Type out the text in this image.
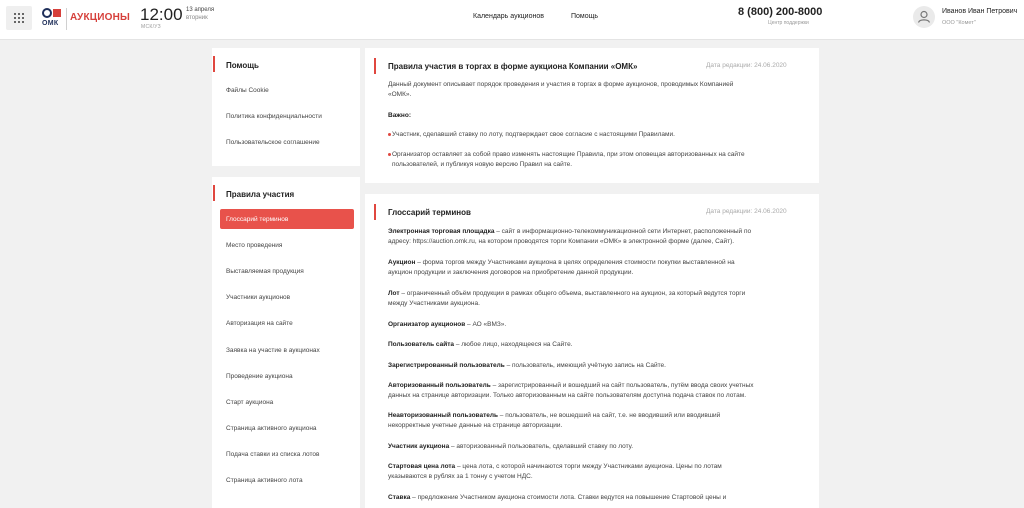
ОМК
АУКЦИОНЫ 12:00
МСК/УЗ
13 апреля
вторник	Календарь аукционов	Помощь	8 (800) 200-8000
Центр поддержки
Иванов Иван Петрович
ООО "Комет"
Помощь
Файлы Cookie
Политика конфиденциальности
Пользовательское соглашение
Правила участия
Глоссарий терминов
Место проведения
Выставляемая продукция
Участники аукционов
Авторизация на сайте
Заявка на участие в аукционах
Проведение аукциона
Старт аукциона
Страница активного аукциона
Подача ставки из списка лотов
Страница активного лота
Правила участия в торгах в форме аукциона Компании «ОМК»	Дата редакции: 24.06.2020
Данный документ описывает порядок проведения и участия в торгах в форме аукционов, проводимых Компанией
«ОМК».
Важно:
Участник, сделавший ставку по лоту, подтверждает свое согласие с настоящими Правилами.
Организатор оставляет за собой право изменять настоящие Правила, при этом оповещая авторизованных на сайте
пользователей, и публикуя новую версию Правил на сайте.
Глоссарий терминов	Дата редакции: 24.06.2020
Электронная торговая площадка – сайт в информационно-телекоммуникационной сети Интернет, расположенный по
адресу: https://auction.omk.ru, на котором проводятся торги Компании «ОМК» в электронной форме (далее, Сайт).
Аукцион – форма торгов между Участниками аукциона в целях определения стоимости покупки выставленной на
аукцион продукции и заключения договоров на приобретение данной продукции.
Лот – ограниченный объём продукции в рамках общего объема, выставленного на аукцион, за который ведутся торги
между Участниками аукциона.
Организатор аукционов – АО «ВМЗ».
Пользователь сайта – любое лицо, находящееся на Сайте.
Зарегистрированный пользователь – пользователь, имеющий учётную запись на Сайте.
Авторизованный пользователь – зарегистрированный и вошедший на сайт пользователь, путём ввода своих учетных
данных на странице авторизации. Только авторизованным на сайте пользователям доступна подача ставок по лотам.
Неавторизованный пользователь – пользователь, не вошедший на сайт, т.е. не вводивший или вводивший
некорректные учетные данные на странице авторизации.
Участник аукциона – авторизованный пользователь, сделавший ставку по лоту.
Стартовая цена лота – цена лота, с которой начинаются торги между Участниками аукциона. Цены по лотам
указываются в рублях за 1 тонну с учетом НДС.
Ставка – предложение Участником аукциона стоимости лота. Ставки ведутся на повышение Стартовой цены и
